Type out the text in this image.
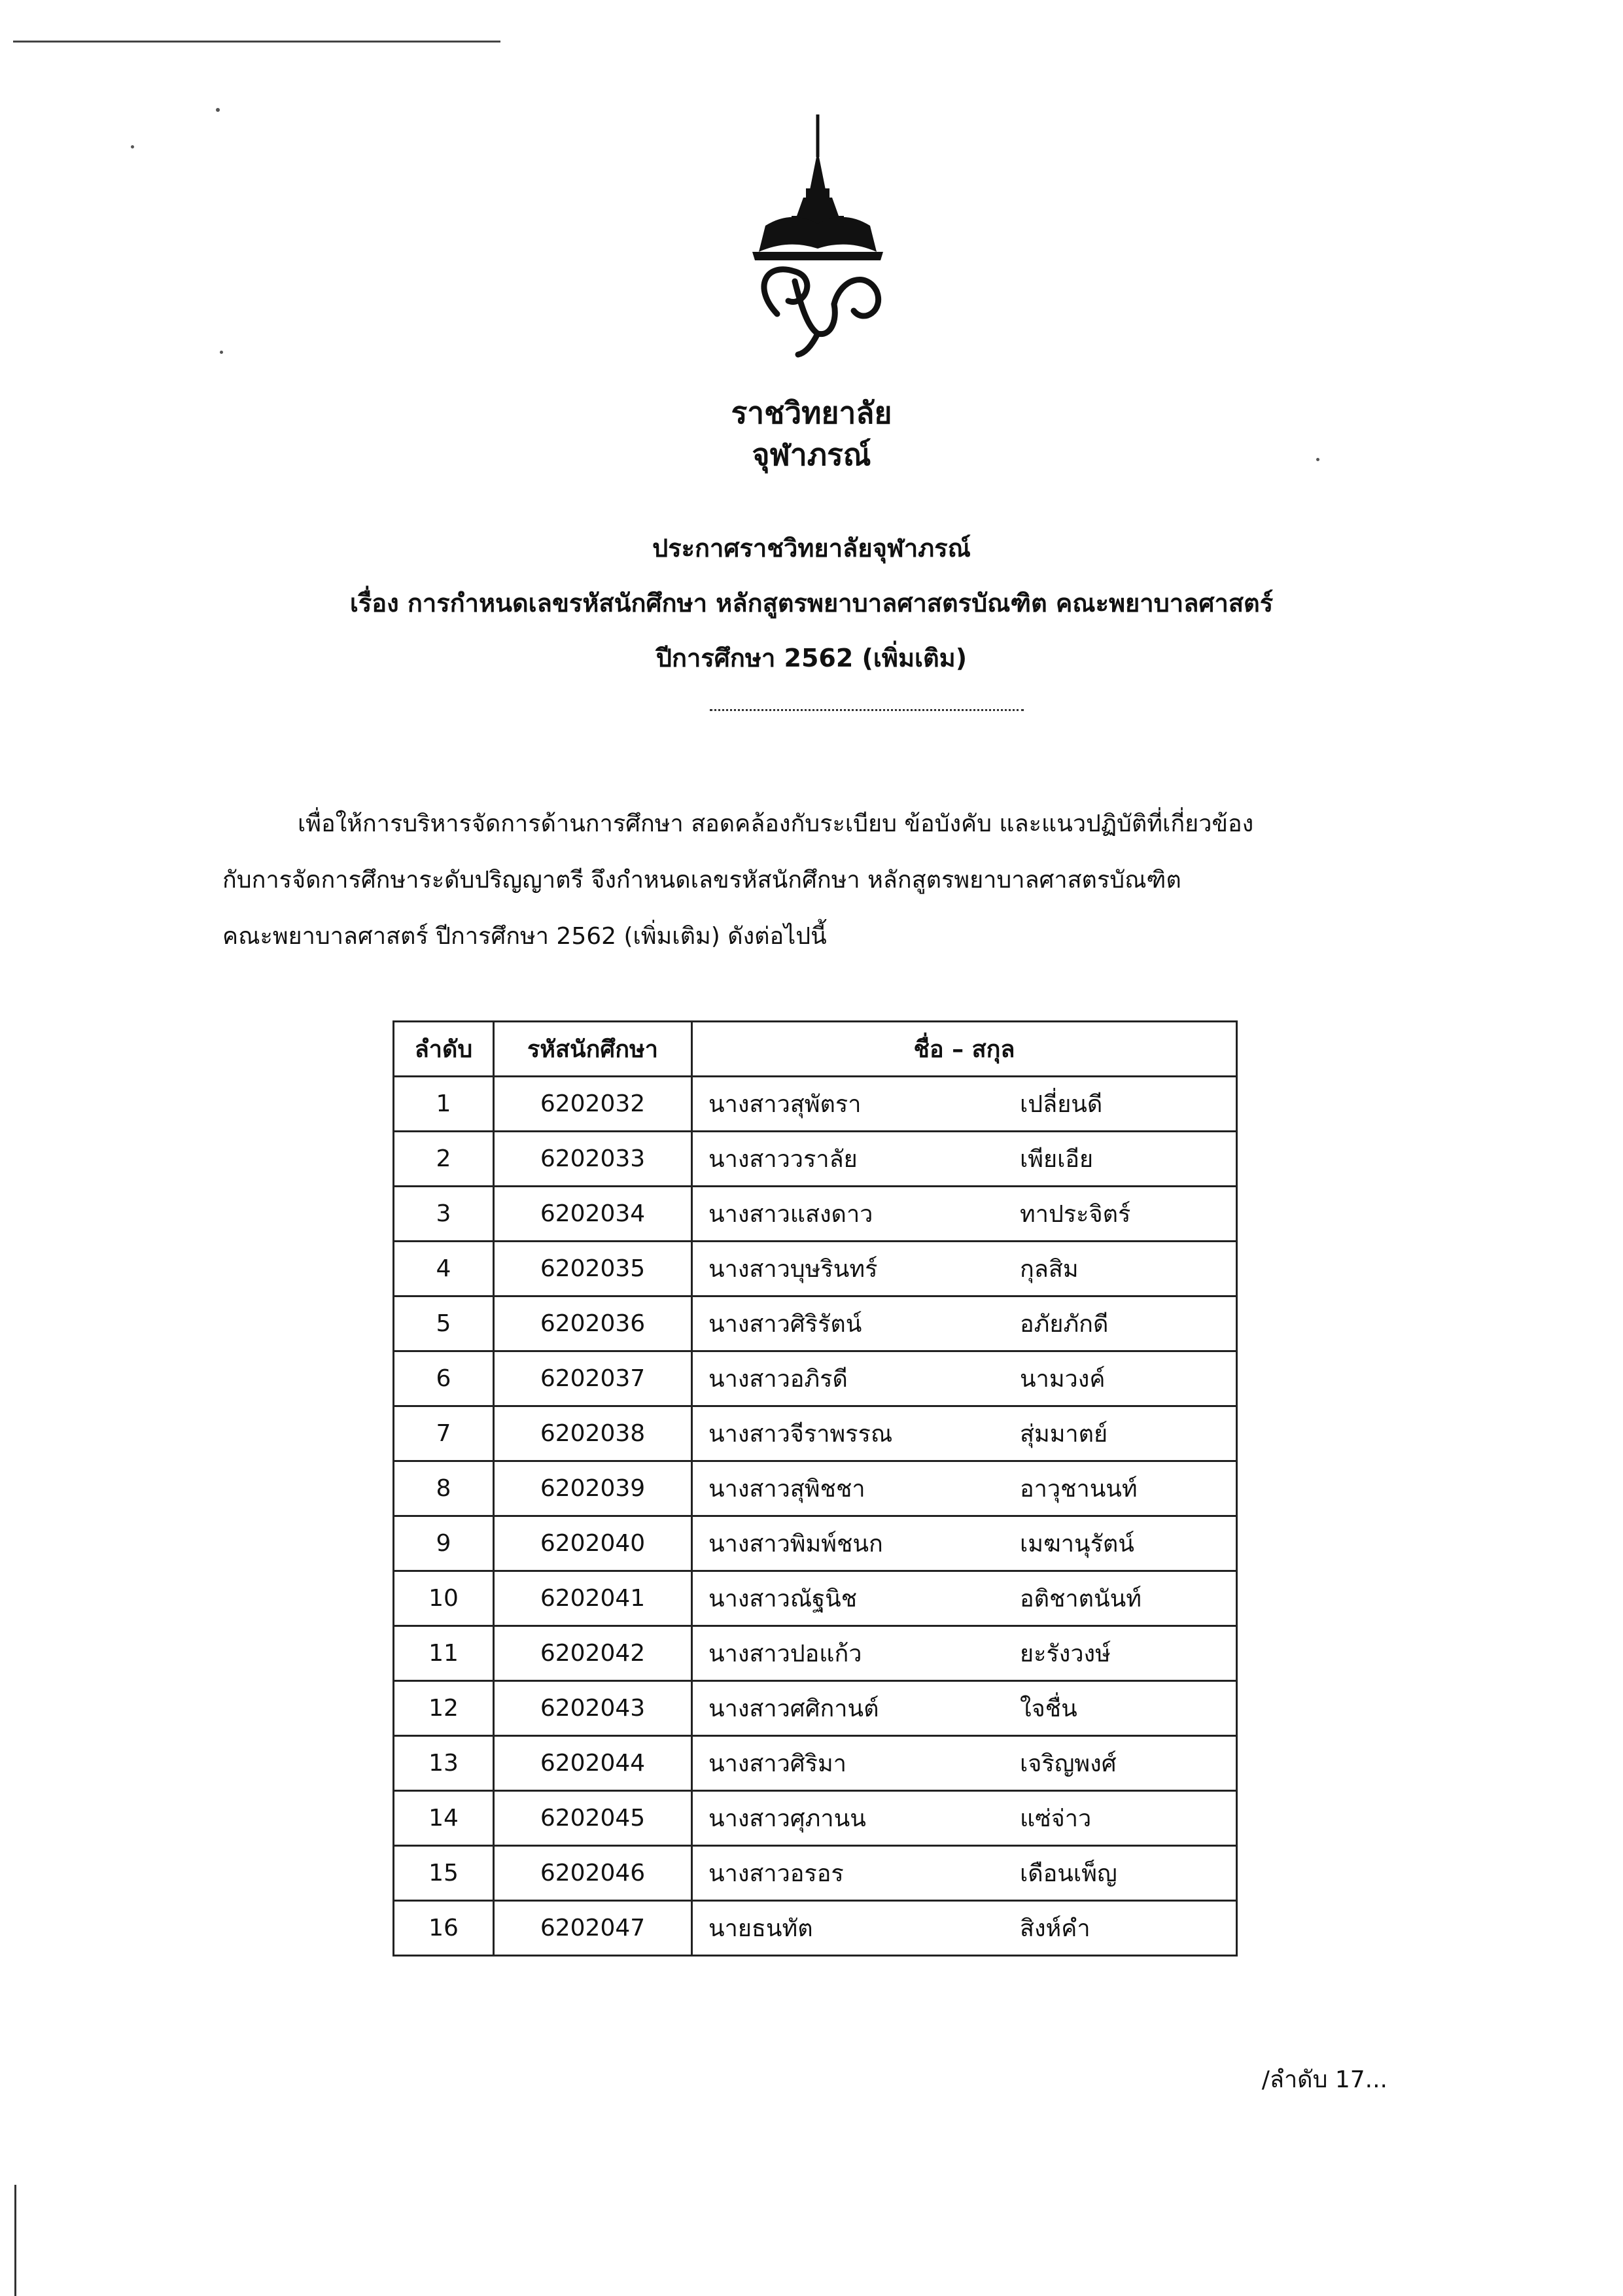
ราชวิทยาลัย
จุฬาภรณ์
ประกาศราชวิทยาลัยจุฬาภรณ์
เรื่อง การกำหนดเลขรหัสนักศึกษา หลักสูตรพยาบาลศาสตรบัณฑิต คณะพยาบาลศาสตร์
ปีการศึกษา 2562 (เพิ่มเติม)
เพื่อให้การบริหารจัดการด้านการศึกษา สอดคล้องกับระเบียบ ข้อบังคับ และแนวปฏิบัติที่เกี่ยวข้อง
กับการจัดการศึกษาระดับปริญญาตรี จึงกำหนดเลขรหัสนักศึกษา หลักสูตรพยาบาลศาสตรบัณฑิต
คณะพยาบาลศาสตร์ ปีการศึกษา 2562 (เพิ่มเติม) ดังต่อไปนี้
ลำดับ	รหัสนักศึกษา	ชื่อ – สกุล
1	6202032	นางสาวสุพัตรา เปลี่ยนดี

2	6202033	นางสาววราลัย เพียเอีย

3	6202034	นางสาวแสงดาว ทาประจิตร์

4	6202035	นางสาวบุษรินทร์ กุลสิม

5	6202036	นางสาวศิริรัตน์ อภัยภักดี

6	6202037	นางสาวอภิรดี นามวงค์

7	6202038	นางสาวจีราพรรณ สุ่มมาตย์

8	6202039	นางสาวสุพิชชา อาวุชานนท์

9	6202040	นางสาวพิมพ์ชนก เมฆานุรัตน์

10	6202041	นางสาวณัฐนิช อติชาตนันท์

11	6202042	นางสาวปอแก้ว ยะรังวงษ์

12	6202043	นางสาวศศิกานต์ ใจชื่น

13	6202044	นางสาวศิริมา เจริญพงศ์

14	6202045	นางสาวศุภานน แซ่จ่าว

15	6202046	นางสาวอรอร เดือนเพ็ญ

16	6202047	นายธนทัต สิงห์คำ
/ลำดับ 17...
